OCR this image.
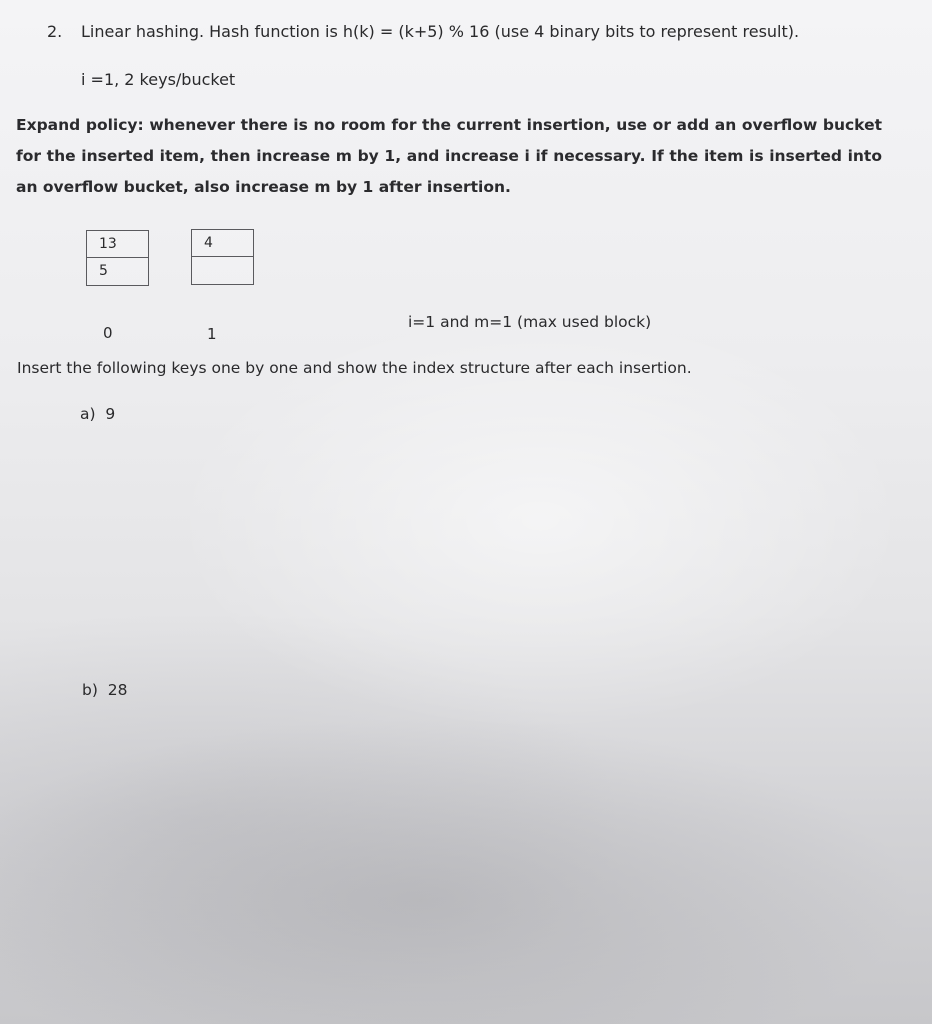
2. Linear hashing. Hash function is h(k) = (k+5) % 16 (use 4 binary bits to represent result).
i =1, 2 keys/bucket
Expand policy: whenever there is no room for the current insertion, use or add an overflow bucket for the inserted item, then increase m by 1, and increase i if necessary. If the item is inserted into an overflow bucket, also increase m by 1 after insertion.
13
5
4
0	1
i=1 and m=1 (max used block)
Insert the following keys one by one and show the index structure after each insertion.
a) 9
b) 28
